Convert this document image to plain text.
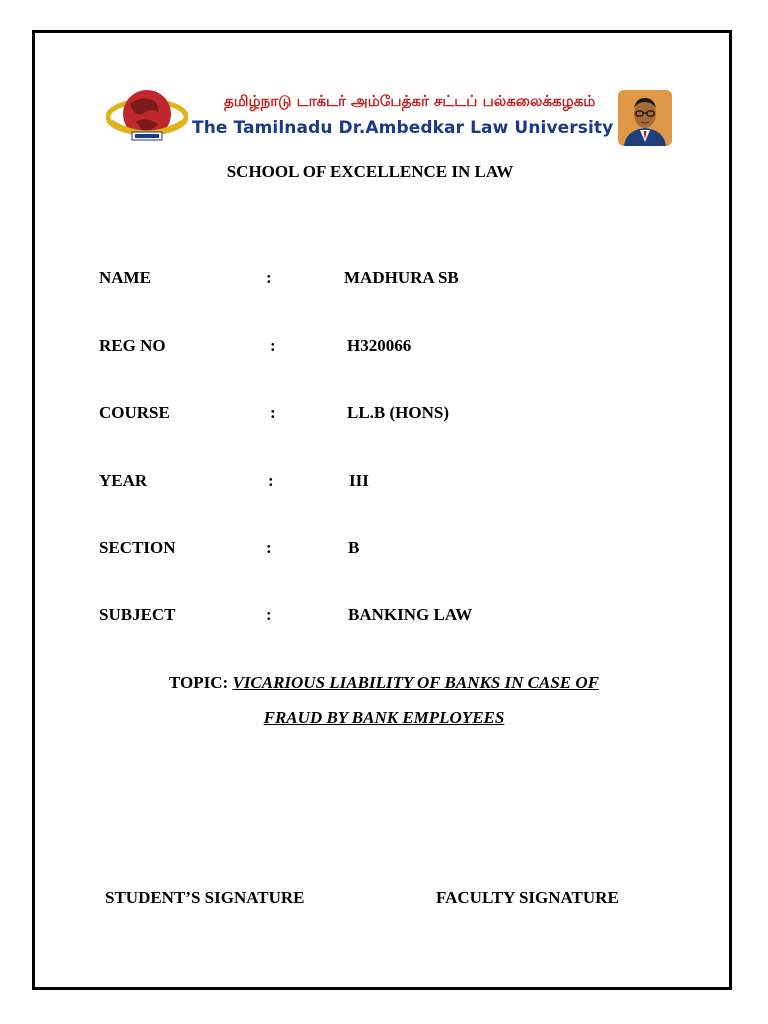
தமிழ்நாடு டாக்டர் அம்பேத்கர் சட்டப் பல்கலைக்கழகம்
The Tamilnadu Dr.Ambedkar Law University
SCHOOL OF EXCELLENCE IN LAW
NAME	:	MADHURA SB
REG NO	:	H320066
COURSE	:	LL.B (HONS)
YEAR	:	III
SECTION	:	B
SUBJECT	:	BANKING LAW
TOPIC: VICARIOUS LIABILITY OF BANKS IN CASE OF
FRAUD BY BANK EMPLOYEES
STUDENT’S SIGNATURE	FACULTY SIGNATURE
